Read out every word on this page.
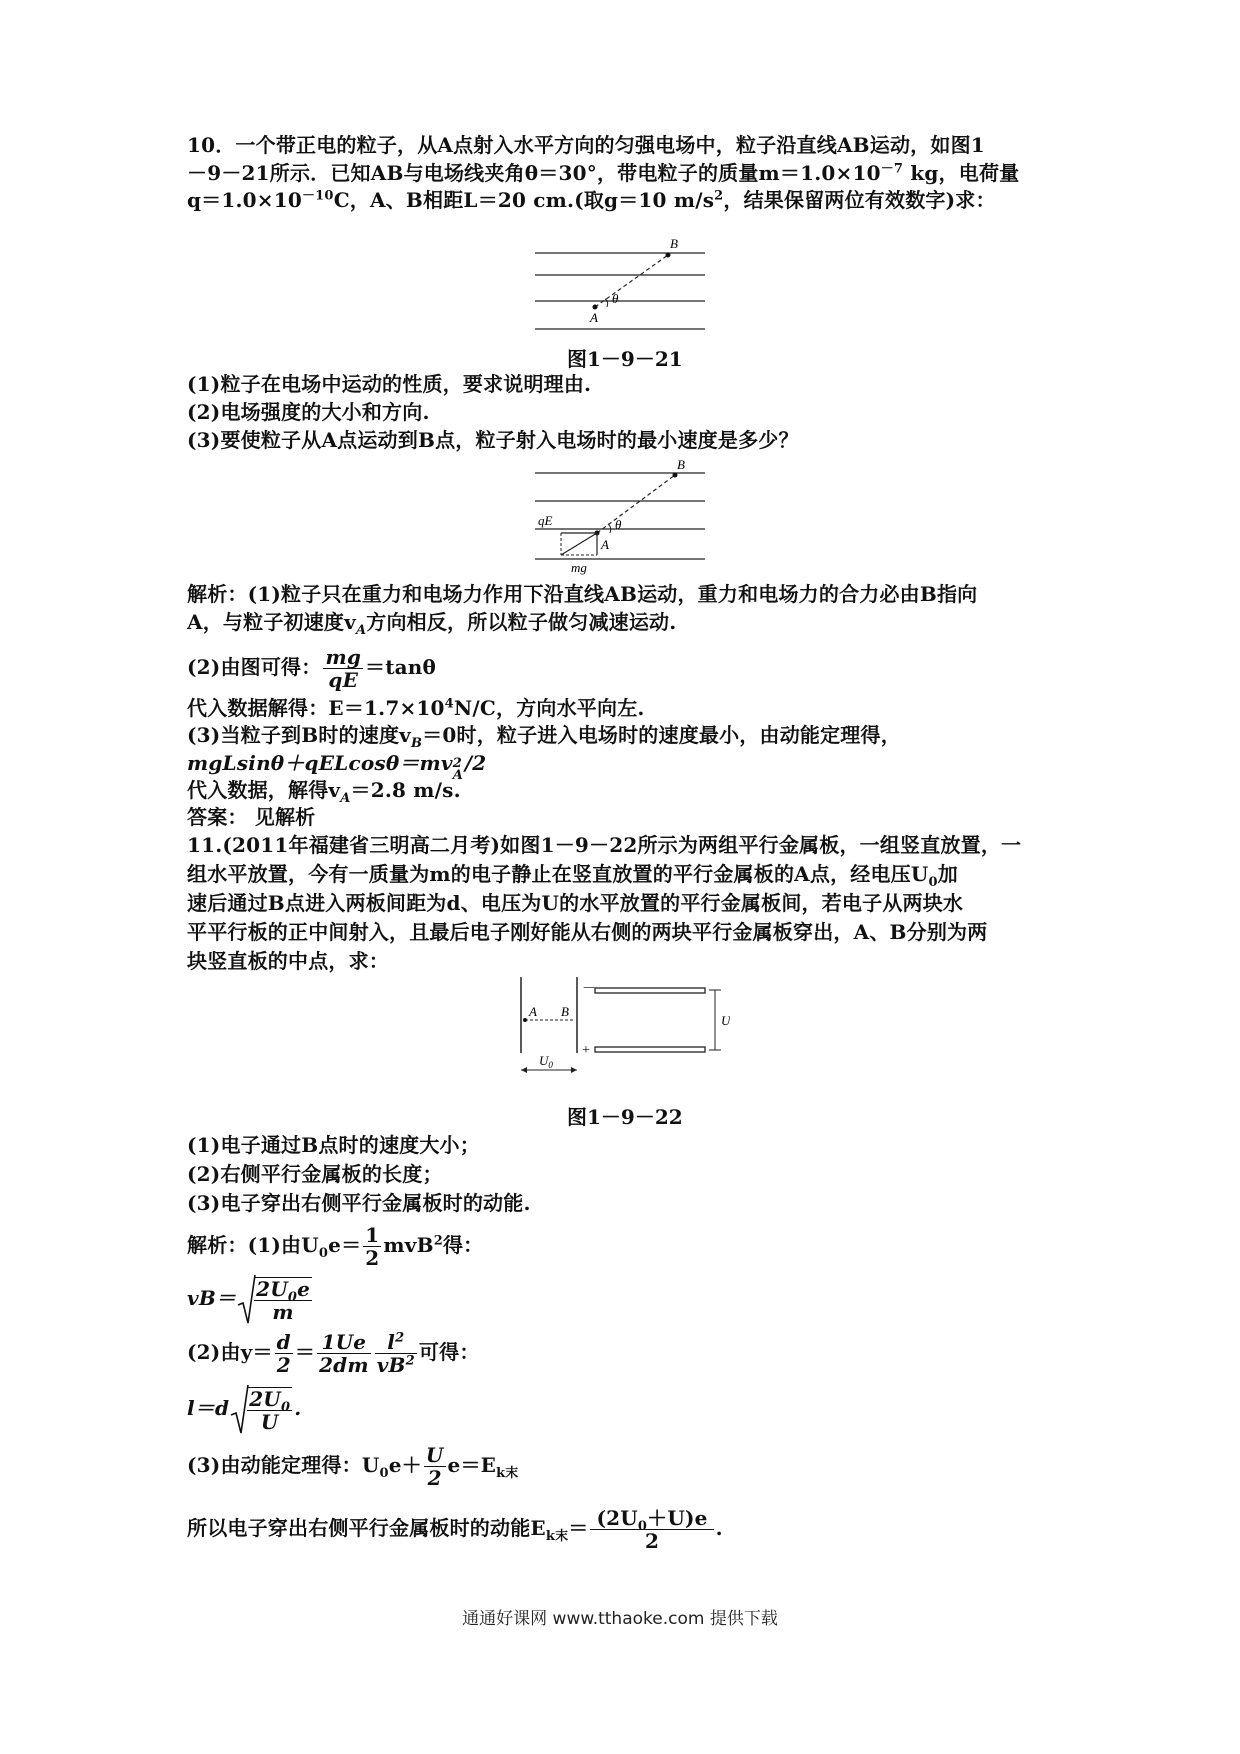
10．一个带正电的粒子，从A点射入水平方向的匀强电场中，粒子沿直线AB运动，如图1
－9－21所示．已知AB与电场线夹角θ＝30°，带电粒子的质量$m=1.0\times 10^{-7}$ kg，电荷量
$q=1.0\times 10^{-10}C$，A、B相距L＝20 cm.(取g＝10 $m/s^2$，结果保留两位有效数字)求：
B
θ
A
图1－9－21
(1)粒子在电场中运动的性质，要求说明理由.
(2)电场强度的大小和方向.
(3)要使粒子从A点运动到B点，粒子射入电场时的最小速度是多少？
B
θ
A
qE
mg
解析：(1)粒子只在重力和电场力作用下沿直线AB运动，重力和电场力的合力必由B指向
A，与粒子初速度$v_A$方向相反，所以粒子做匀减速运动.
(2)由图可得： $\frac{mg}{qE} =\tan\theta$
代入数据解得：$E=1.7\times 10^4N/C$，方向水平向左.
(3)当粒子到B时的速度$v_B=0$时，粒子进入电场时的速度最小，由动能定理得，
mgLsinθ＋qELcosθ＝mv 2
A
/2
代入数据，解得$v_A=2.8$ m/s.
答案： 见解析
11.(2011年福建省三明高二月考)如图1－9－22所示为两组平行金属板，一组竖直放置，一
组水平放置，今有一质量为m的电子静止在竖直放置的平行金属板的A点，经电压$U_0$加
速后通过B点进入两板间距为d、电压为U的水平放置的平行金属板间，若电子从两块水
平平行板的正中间射入，且最后电子刚好能从右侧的两块平行金属板穿出，A、B分别为两
块竖直板的中点，求：
A B
－
+
U
$U_0$
图1－9－22
(1)电子通过B点时的速度大小；
(2)右侧平行金属板的长度；
(3)电子穿出右侧平行金属板时的动能.
解析：(1)由$U_0e= \frac{1}{2} mvB^2$得：
$vB= \frac{2U_0e}{m}$
(2)由$y= \frac{d}{2} = \frac{1Ue}{2dm} \frac{l^2}{vB^2}$ 可得：
$l=d \frac{2U_0}{U}$ .
(3)由动能定理得：$U_0e+ \frac{U}{2} e=E_{k末}$
所以电子穿出右侧平行金属板时的动能$E_{k末}= \frac{(2U_0+U)e}{2}$ .
通通好课网 www.tthaoke.com 提供下载
